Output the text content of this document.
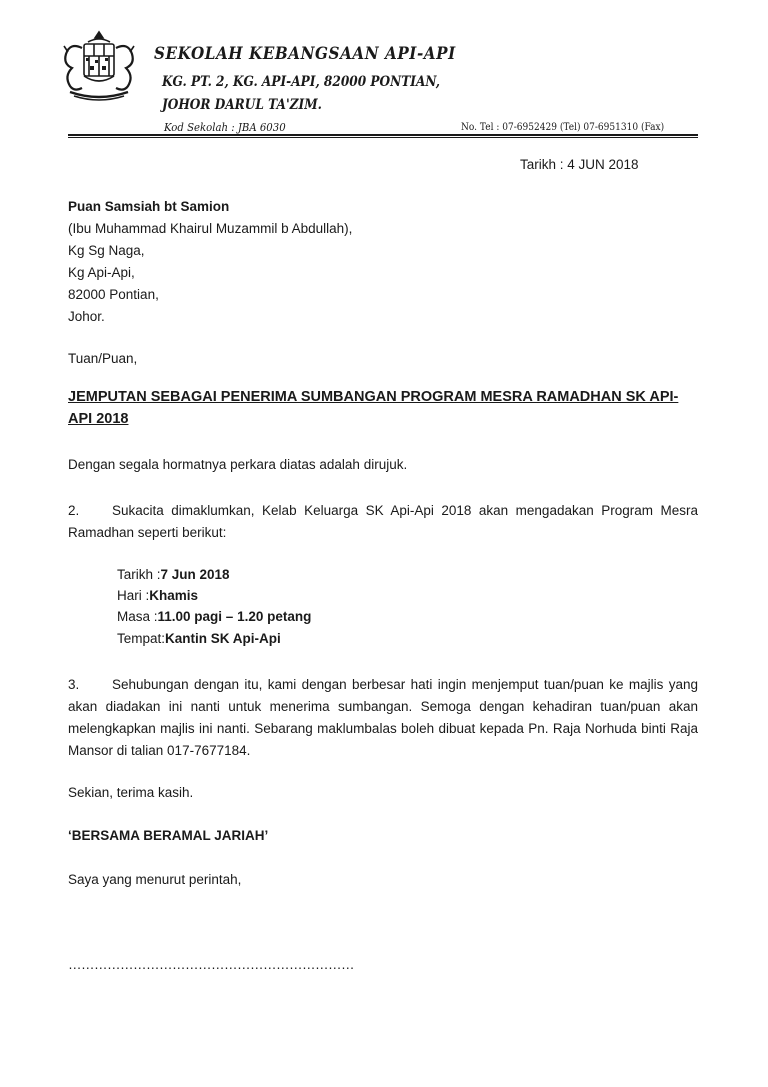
SEKOLAH KEBANGSAAN API-API
KG. PT. 2, KG. API-API, 82000 PONTIAN,
JOHOR DARUL TA'ZIM.
Kod Sekolah : JBA 6030	No. Tel : 07-6952429 (Tel) 07-6951310 (Fax)
Tarikh : 4 JUN 2018
Puan Samsiah bt Samion
(Ibu Muhammad Khairul Muzammil b Abdullah),
Kg Sg Naga,
Kg Api-Api,
82000 Pontian,
Johor.
Tuan/Puan,
JEMPUTAN SEBAGAI PENERIMA SUMBANGAN PROGRAM MESRA RAMADHAN SK API-API 2018
Dengan segala hormatnya perkara diatas adalah dirujuk.
2. Sukacita dimaklumkan, Kelab Keluarga SK Api-Api 2018 akan mengadakan Program Mesra Ramadhan seperti berikut:
Tarikh :7 Jun 2018
Hari :Khamis
Masa :11.00 pagi – 1.20 petang
Tempat:Kantin SK Api-Api
3. Sehubungan dengan itu, kami dengan berbesar hati ingin menjemput tuan/puan ke majlis yang akan diadakan ini nanti untuk menerima sumbangan. Semoga dengan kehadiran tuan/puan akan melengkapkan majlis ini nanti. Sebarang maklumbalas boleh dibuat kepada Pn. Raja Norhuda binti Raja Mansor di talian 017-7677184.
Sekian, terima kasih.
‘BERSAMA BERAMAL JARIAH’
Saya yang menurut perintah,
…………………………………………………………
